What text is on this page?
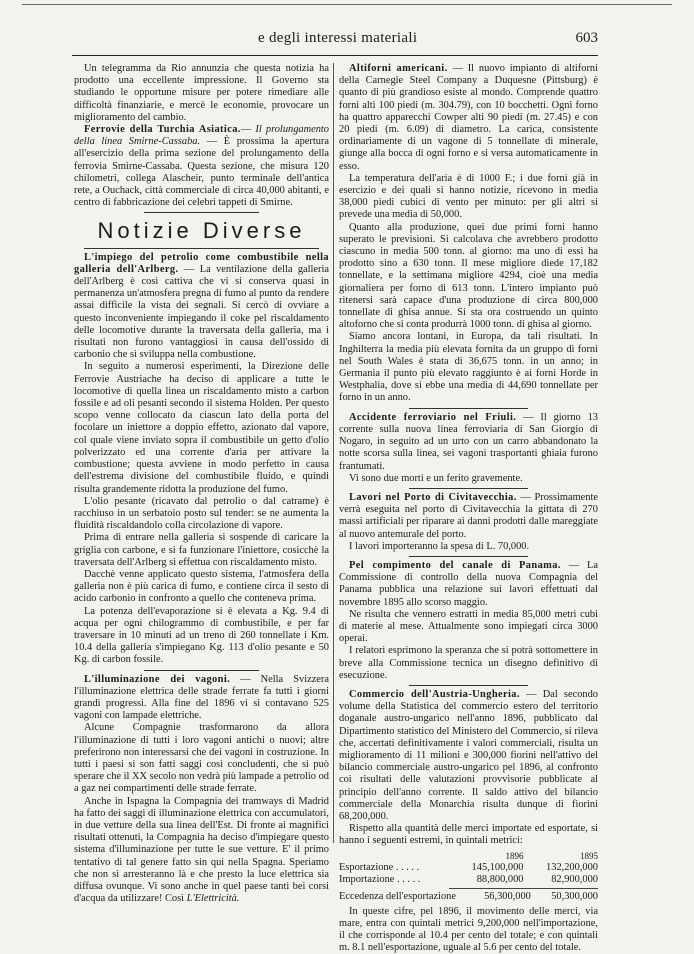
e degli interessi materiali	603

Un telegramma da Rio annunzia che questa notizia ha prodotto una eccellente impressione. Il Governo sta studiando le opportune misure per potere rimediare alle difficoltà finanziarie, e mercè le economie, provocare un miglioramento del cambio.

Ferrovie della Turchia Asiatica.— Il prolungamento della linea Smirne-Cassaba. — È prossima la apertura all'esercizio della prima sezione del prolungamento della ferrovia Smirne-Cassaba. Questa sezione, che misura 120 chilometri, collega Alascheir, punto terminale dell'antica rete, a Ouchack, città commerciale di circa 40,000 abitanti, e centro di fabbricazione dei celebri tappeti di Smirne.

Notizie Diverse

L'impiego del petrolio come combustibile nella galleria dell'Arlberg. — La ventilazione della galleria dell'Arlberg è così cattiva che vi si conserva quasi in permanenza un'atmosfera pregna di fumo al punto da rendere assai difficile la vista dei segnali. Si cercò di ovviare a questo inconveniente impiegando il coke pel riscaldamento delle locomotive durante la traversata della galleria, ma i risultati non furono vantaggiosi in causa dell'ossido di carbonio che si sviluppa nella combustione.

In seguito a numerosi esperimenti, la Direzione delle Ferrovie Austriache ha deciso di applicare a tutte le locomotive di quella linea un riscaldamento misto a carbon fossile e ad oli pesanti secondo il sistema Holden. Per questo scopo venne collocato da ciascun lato della porta del focolare un iniettore a doppio effetto, azionato dal vapore, col quale viene inviato sopra il combustibile un getto d'olio polverizzato ed una corrente d'aria per attivare la combustione; questa avviene in modo perfetto in causa dell'estrema divisione del combustibile fluido, e quindi risulta grandemente ridotta la produzione del fumo.

L'olio pesante (ricavato dal petrolio o dal catrame) è racchiuso in un serbatoio posto sul tender: se ne aumenta la fluidità riscaldandolo colla circolazione di vapore.

Prima di entrare nella galleria si sospende di caricare la griglia con carbone, e si fa funzionare l'iniettore, cosicchè la traversata dell'Arlberg si effettua con riscaldamento misto.

Dacchè venne applicato questo sistema, l'atmosfera della galleria non è più carica di fumo, e contiene circa il sesto di acido carbonio in confronto a quello che conteneva prima.

La potenza dell'evaporazione si è elevata a Kg. 9.4 di acqua per ogni chilogrammo di combustibile, e per far traversare in 10 minuti ad un treno di 260 tonnellate i Km. 10.4 della galleria s'impiegano Kg. 113 d'olio pesante e 50 Kg. di carbon fossile.

L'illuminazione dei vagoni. — Nella Svizzera l'illuminazione elettrica delle strade ferrate fa tutti i giorni grandi progressi. Alla fine del 1896 vi si contavano 525 vagoni con lampade elettriche.

Alcune Compagnie trasformarono da allora l'illuminazione di tutti i loro vagoni antichi o nuovi; altre preferirono non interessarsi che dei vagoni in costruzione. In tutti i paesi si son fatti saggi così concludenti, che si può sperare che il XX secolo non vedrà più lampade a petrolio od a gaz nei compartimenti delle strade ferrate.

Anche in Ispagna la Compagnia dei tramways di Madrid ha fatto dei saggi di illuminazione elettrica con accumulatori, in due vetture della sua linea dell'Est. Di fronte ai magnifici risultati ottenuti, la Compagnia ha deciso d'impiegare questo sistema d'illuminazione per tutte le sue vetture. E' il primo tentativo di tal genere fatto sin qui nella Spagna. Speriamo che non si arresteranno là e che presto la luce elettrica sia diffusa ovunque. Vi sono anche in quel paese tanti bei corsi d'acqua da utilizzare! Così L'Elettricità.

Altiforni americani. — Il nuovo impianto di altiforni della Carnegie Steel Company a Duquesne (Pittsburg) è quanto di più grandioso esiste al mondo. Comprende quattro forni alti 100 piedi (m. 304.79), con 10 bocchetti. Ogni forno ha quattro apparecchi Cowper alti 90 piedi (m. 27.45) e con 20 piedi (m. 6.09) di diametro. La carica, consistente ordinariamente di un vagone di 5 tonnellate di minerale, giunge alla bocca di ogni forno e si versa automaticamente in esso.

La temperatura dell'aria è di 1000 F.; i due forni già in esercizio e dei quali si hanno notizie, ricevono in media 38,000 piedi cubici di vento per minuto: per gli altri si prevede una media di 50,000.

Quanto alla produzione, quei due primi forni hanno superato le previsioni. Si calcolava che avrebbero prodotto ciascuno in media 500 tonn. al giorno: ma uno di essi ha prodotto sino a 630 tonn. Il mese migliore diede 17,182 tonnellate, e la settimana migliore 4294, cioè una media giornaliera per forno di 613 tonn. L'intero impianto può ritenersi sarà capace d'una produzione di circa 800,000 tonnellate di ghisa annue. Si sta ora costruendo un quinto altoforno che si conta produrrà 1000 tonn. di ghisa al giorno.

Siamo ancora lontani, in Europa, da tali risultati. In Inghilterra la media più elevata fornita da un gruppo di forni nel South Wales è stata di 36,675 tonn. in un anno; in Germania il punto più elevato raggiunto è ai forni Horde in Westphalia, dove si ebbe una media di 44,690 tonnellate per forno in un anno.

Accidente ferroviario nel Friuli. — Il giorno 13 corrente sulla nuova linea ferroviaria di San Giorgio di Nogaro, in seguito ad un urto con un carro abbandonato la notte scorsa sulla linea, sei vagoni trasportanti ghiaia furono frantumati.

Vi sono due morti e un ferito gravemente.

Lavori nel Porto di Civitavecchia. — Prossimamente verrà eseguita nel porto di Civitavecchia la gittata di 270 massi artificiali per riparare ai danni prodotti dalle mareggiate al nuovo antemurale del porto.

I lavori importeranno la spesa di L. 70,000.

Pel compimento del canale di Panama. — La Commissione di controllo della nuova Compagnia del Panama pubblica una relazione sui lavori effettuati dal novembre 1895 allo scorso maggio.

Ne risulta che vennero estratti in media 85,000 metri cubi di materie al mese. Attualmente sono impiegati circa 3000 operai.

I relatori esprimono la speranza che si potrà sottomettere in breve alla Commissione tecnica un disegno definitivo di esecuzione.

Commercio dell'Austria-Ungheria. — Dal secondo volume della Statistica del commercio estero del territorio doganale austro-ungarico nell'anno 1896, pubblicato dal Dipartimento statistico del Ministero del Commercio, si rileva che, accertati definitivamente i valori commerciali, risulta un miglioramento di 11 milioni e 300,000 fiorini nell'attivo del bilancio commerciale austro-ungarico pel 1896, al confronto coi risultati delle valutazioni provvisorie pubblicate al principio dell'anno corrente. Il saldo attivo del bilancio commerciale della Monarchia risulta dunque di fiorini 68,200,000.

Rispetto alla quantità delle merci importate ed esportate, si hanno i seguenti estremi, in quintali metrici:

1896	1895
Esportazione . . . . .	145,100,000	132,200,000
Importazione . . . . .	88,800,000	82,900,000
Eccedenza dell'esportazione	56,300,000	50,300,000

In queste cifre, pel 1896, il movimento delle merci, via mare, entra con quintali metrici 9,200,000 nell'importazione, il che corrisponde al 10.4 per cento del totale; e con quintali m. 8.1 nell'esportazione, uguale al 5.6 per cento del totale.
